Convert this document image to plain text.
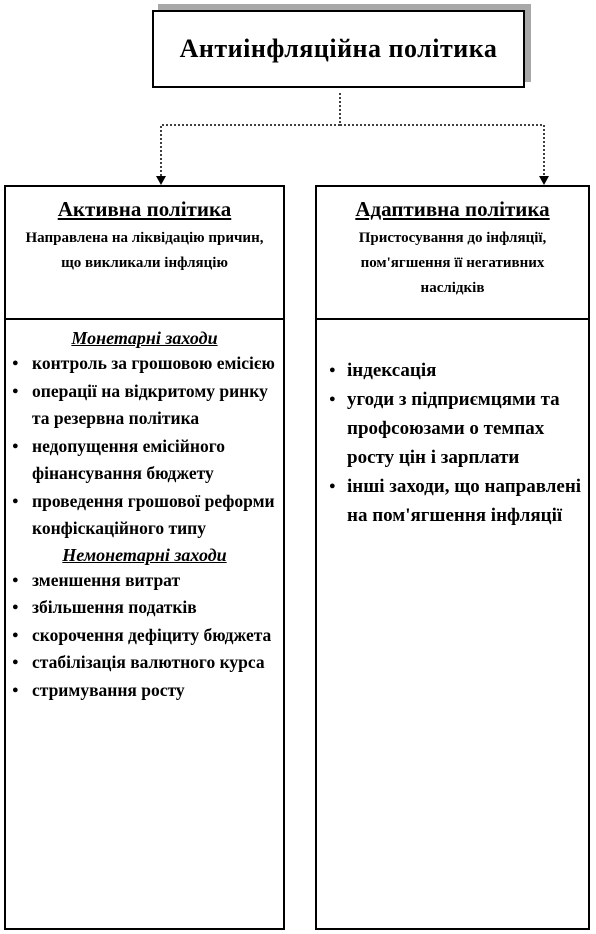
Антиінфляційна політика
Активна політика
Направлена на ліквідацію причин, що викликали інфляцію
Монетарні заходи
● контроль за грошовою емісією
● операції на відкритому ринку та резервна політика
● недопущення емісійного фінансування бюджету
● проведення грошової реформи конфіскаційного типу
Немонетарні заходи
● зменшення витрат
● збільшення податків
● скорочення дефіциту бюджета
● стабілізація валютного курса
● стримування росту
Адаптивна політика
Пристосування до інфляції, пом'ягшення її негативних наслідків
● індексація
● угоди з підприємцями та профсоюзами о темпах росту цін і зарплати
● інші заходи, що направлені на пом'ягшення інфляції
